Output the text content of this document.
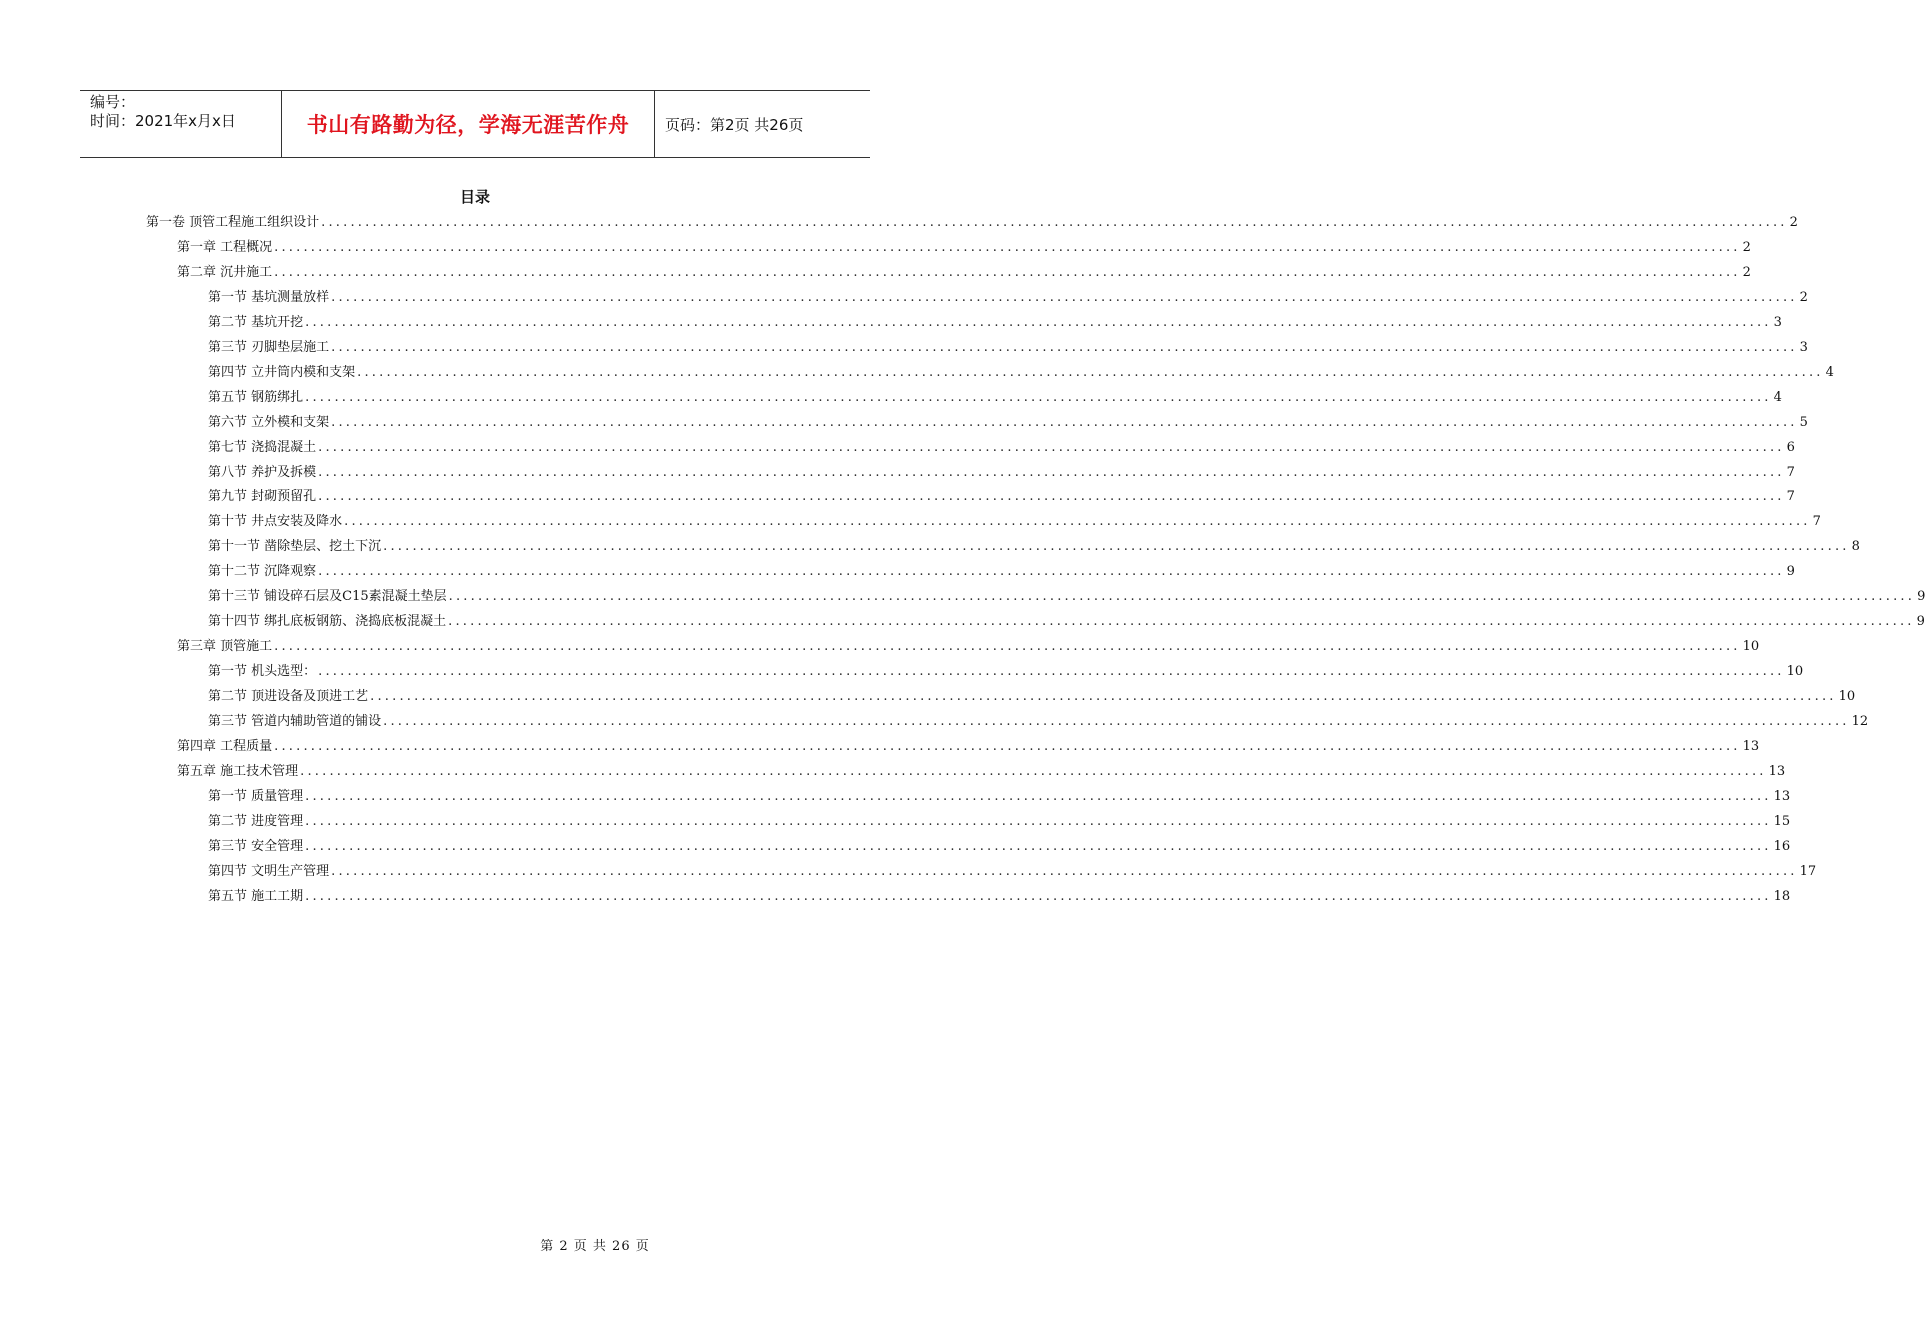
编号：
时间：2021年x月x日	书山有路勤为径，学海无涯苦作舟	页码：第2页 共26页
目录
第一卷 顶管工程施工组织设计 ........................................................................................................................................................................................................ 2
第一章 工程概况 ........................................................................................................................................................................................................ 2
第二章 沉井施工 ........................................................................................................................................................................................................ 2
第一节 基坑测量放样 ........................................................................................................................................................................................................ 2
第二节 基坑开挖 ........................................................................................................................................................................................................ 3
第三节 刃脚垫层施工 ........................................................................................................................................................................................................ 3
第四节 立井筒内模和支架 ........................................................................................................................................................................................................ 4
第五节 钢筋绑扎 ........................................................................................................................................................................................................ 4
第六节 立外模和支架 ........................................................................................................................................................................................................ 5
第七节 浇捣混凝土 ........................................................................................................................................................................................................ 6
第八节 养护及拆模 ........................................................................................................................................................................................................ 7
第九节 封砌预留孔 ........................................................................................................................................................................................................ 7
第十节 井点安装及降水 ........................................................................................................................................................................................................ 7
第十一节 凿除垫层、挖土下沉 ........................................................................................................................................................................................................ 8
第十二节 沉降观察 ........................................................................................................................................................................................................ 9
第十三节 铺设碎石层及C15素混凝土垫层 ........................................................................................................................................................................................................ 9
第十四节 绑扎底板钢筋、浇捣底板混凝土 ........................................................................................................................................................................................................ 9
第三章 顶管施工 ........................................................................................................................................................................................................ 10
第一节 机头选型： ........................................................................................................................................................................................................ 10
第二节 顶进设备及顶进工艺 ........................................................................................................................................................................................................ 10
第三节 管道内辅助管道的铺设 ........................................................................................................................................................................................................ 12
第四章 工程质量 ........................................................................................................................................................................................................ 13
第五章 施工技术管理 ........................................................................................................................................................................................................ 13
第一节 质量管理 ........................................................................................................................................................................................................ 13
第二节 进度管理 ........................................................................................................................................................................................................ 15
第三节 安全管理 ........................................................................................................................................................................................................ 16
第四节 文明生产管理 ........................................................................................................................................................................................................ 17
第五节 施工工期 ........................................................................................................................................................................................................ 18
第 2 页 共 26 页
